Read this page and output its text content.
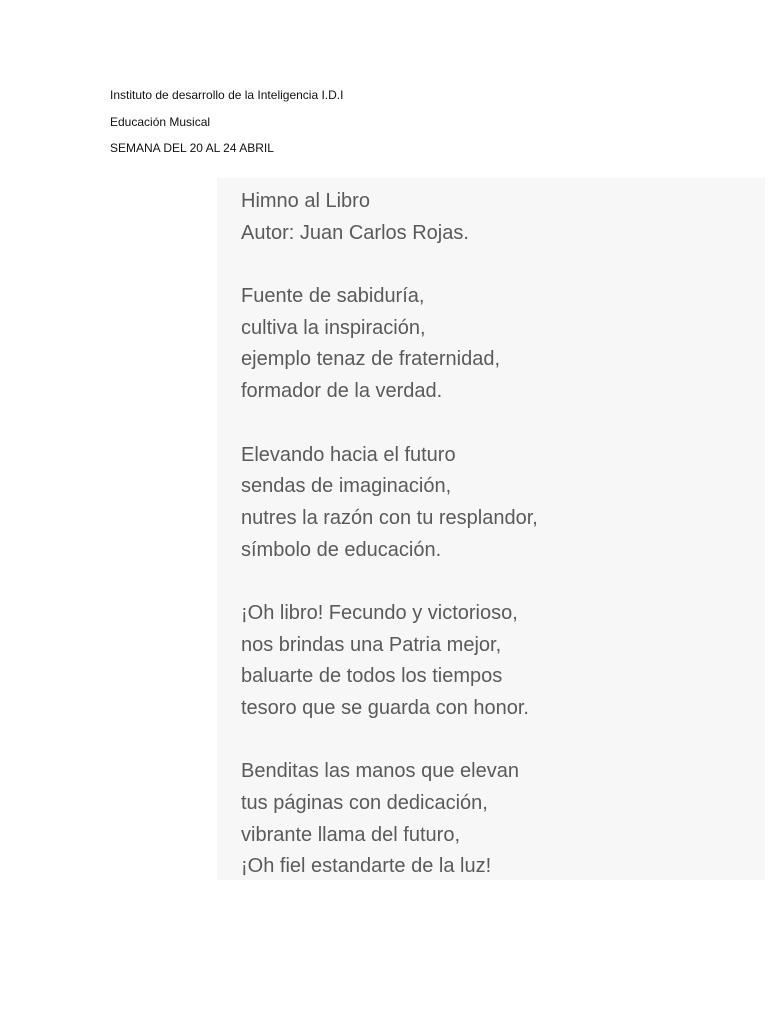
Instituto de desarrollo de la Inteligencia I.D.I
Educación Musical
SEMANA DEL 20 AL 24 ABRIL
Himno al Libro
Autor: Juan Carlos Rojas.
Fuente de sabiduría,
cultiva la inspiración,
ejemplo tenaz de fraternidad,
formador de la verdad.
Elevando hacia el futuro
sendas de imaginación,
nutres la razón con tu resplandor,
símbolo de educación.
¡Oh libro! Fecundo y victorioso,
nos brindas una Patria mejor,
baluarte de todos los tiempos
tesoro que se guarda con honor.
Benditas las manos que elevan
tus páginas con dedicación,
vibrante llama del futuro,
¡Oh fiel estandarte de la luz!
